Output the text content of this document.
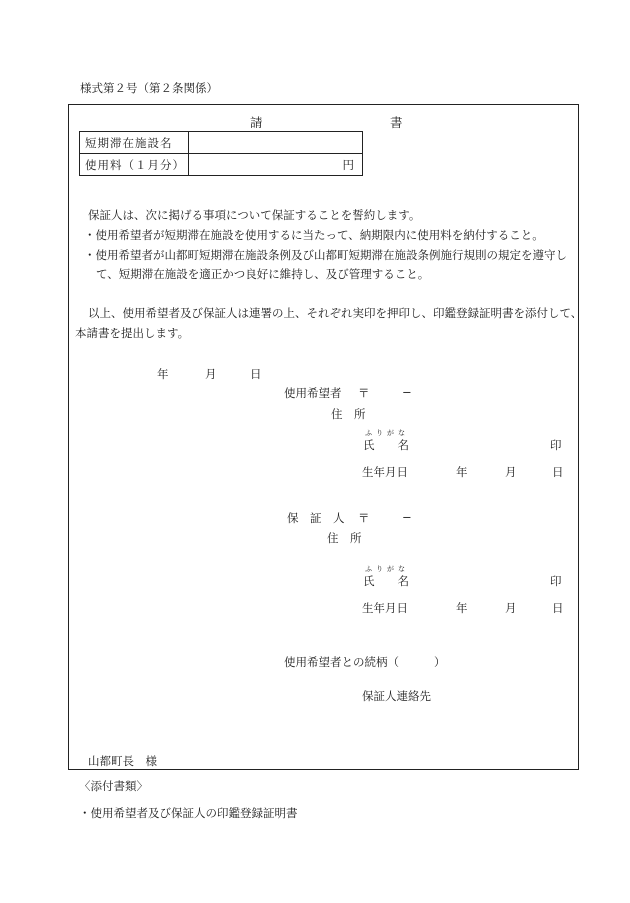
様式第２号（第２条関係）
請	書
短期滞在施設名	
使用料（１月分）	円
保証人は、次に掲げる事項について保証することを誓約します。
・使用希望者が短期滞在施設を使用するに当たって、納期限内に使用料を納付すること。
・使用希望者が山都町短期滞在施設条例及び山都町短期滞在施設条例施行規則の規定を遵守し
て、短期滞在施設を適正かつ良好に維持し、及び管理すること。
以上、使用希望者及び保証人は連署の上、それぞれ実印を押印し、印鑑登録証明書を添付して、
本請書を提出します。
年	月	日
使用希望者 〒	−
住　所
ふりがな
氏　　名	印
生年月日	年	月	日
保　証　人 〒	−
住　所
ふりがな
氏　　名	印
生年月日	年	月	日
使用希望者との続柄（	）
保証人連絡先
山都町長　様
〈添付書類〉
・使用希望者及び保証人の印鑑登録証明書
